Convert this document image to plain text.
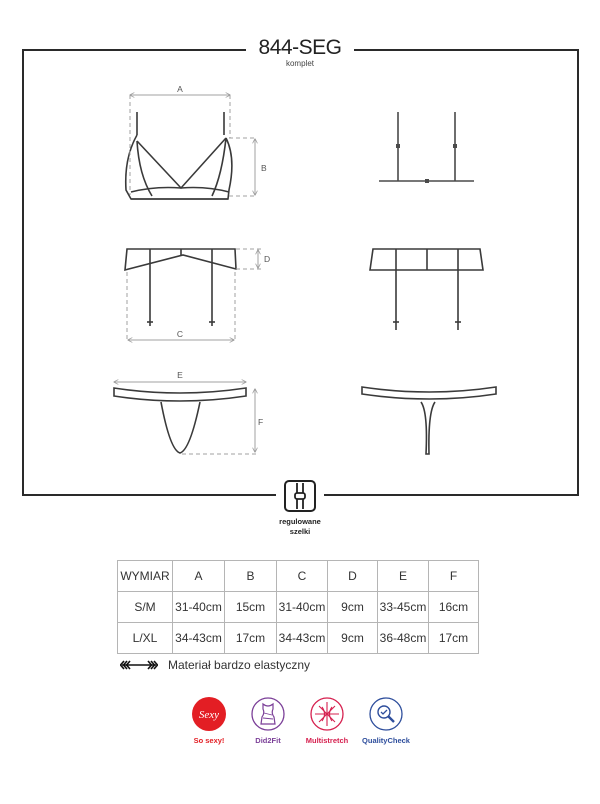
844-SEG
komplet
A
B
D
C
E
F
regulowane
szelki
WYMIAR	A	B	C	D	E	F
S/M	31-40cm	15cm	31-40cm	9cm	33-45cm	16cm
L/XL	34-43cm	17cm	34-43cm	9cm	36-48cm	17cm
Materiał bardzo elastyczny
Sexy
So sexy!	Did2Fit	Multistretch	QualityCheck
